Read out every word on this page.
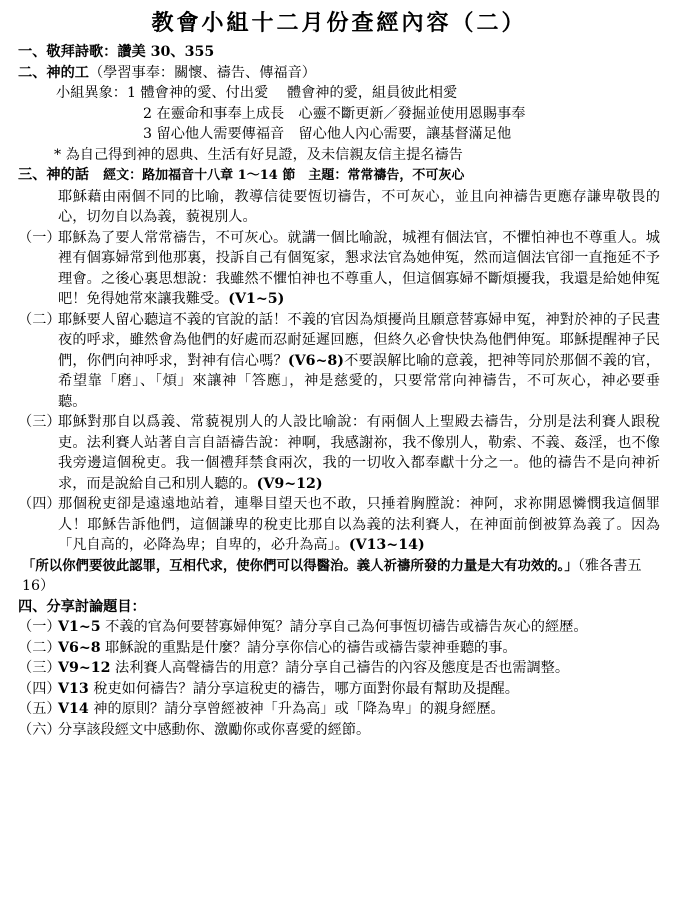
教會小組十二月份查經內容（二）
一、敬拜詩歌：讚美 30、355
二、神的工（學習事奉：關懷、禱告、傳福音）
小組異象：1 體會神的愛、付出愛　 體會神的愛，組員彼此相愛
2 在靈命和事奉上成長　心靈不斷更新／發掘並使用恩賜事奉
3 留心他人需要傳福音　留心他人內心需要，讓基督滿足他
* 為自己得到神的恩典、生活有好見證，及未信親友信主提名禱告
三、神的話　 經文：路加福音十八章 1～14 節　主題：常常禱告，不可灰心
耶穌藉由兩個不同的比喻，教導信徒要恆切禱告，不可灰心，並且向神禱告更應存謙卑敬畏的心，切勿自以為義，藐視別人。
（一）
耶穌為了要人常常禱告，不可灰心。就講一個比喻說，城裡有個法官，不懼怕神也不尊重人。城裡有個寡婦常到他那裏，投訴自己有個冤家，懇求法官為她伸冤，然而這個法官卻一直拖延不予理會。之後心裏思想說：我雖然不懼怕神也不尊重人，但這個寡婦不斷煩擾我，我還是給她伸冤吧！免得她常來讓我難受。(V1~5)
（二）
耶穌要人留心聽這不義的官說的話！不義的官因為煩擾尚且願意替寡婦申冤，神對於神的子民晝夜的呼求，雖然會為他們的好處而忍耐延遲回應，但終久必會快快為他們伸冤。耶穌提醒神子民們，你們向神呼求，對神有信心嗎？(V6~8)不要誤解比喻的意義，把神等同於那個不義的官，希望靠「磨」、「煩」來讓神「答應」，神是慈愛的，只要常常向神禱告，不可灰心，神必要垂聽。
（三）
耶穌對那自以爲義、常藐視別人的人設比喻說：有兩個人上聖殿去禱告，分別是法利賽人跟稅吏。法利賽人站著自言自語禱告說：神啊，我感謝祢，我不像別人，勒索、不義、姦淫，也不像我旁邊這個稅吏。我一個禮拜禁食兩次，我的一切收入都奉獻十分之一。他的禱告不是向神祈求，而是說給自己和別人聽的。(V9~12)
（四）
那個稅吏卻是遠遠地站着，連舉目望天也不敢，只捶着胸膛說：神阿，求祢開恩憐憫我這個罪人！耶穌告訴他們，這個謙卑的稅吏比那自以為義的法利賽人，在神面前倒被算為義了。因為「凡自高的，必降為卑；自卑的，必升為高」。(V13~14)
「所以你們要彼此認罪，互相代求，使你們可以得醫治。義人祈禱所發的力量是大有功效的。」（雅各書五 16）
四、分享討論題目：
（一）
V1~5 不義的官為何要替寡婦伸冤？請分享自己為何事恆切禱告或禱告灰心的經歷。
（二）
V6~8 耶穌說的重點是什麼？請分享你信心的禱告或禱告蒙神垂聽的事。
（三）
V9~12 法利賽人高聲禱告的用意？請分享自己禱告的內容及態度是否也需調整。
（四）
V13 稅吏如何禱告？請分享這稅吏的禱告，哪方面對你最有幫助及提醒。
（五）
V14 神的原則？請分享曾經被神「升為高」或「降為卑」的親身經歷。
（六）
分享該段經文中感動你、激勵你或你喜愛的經節。
